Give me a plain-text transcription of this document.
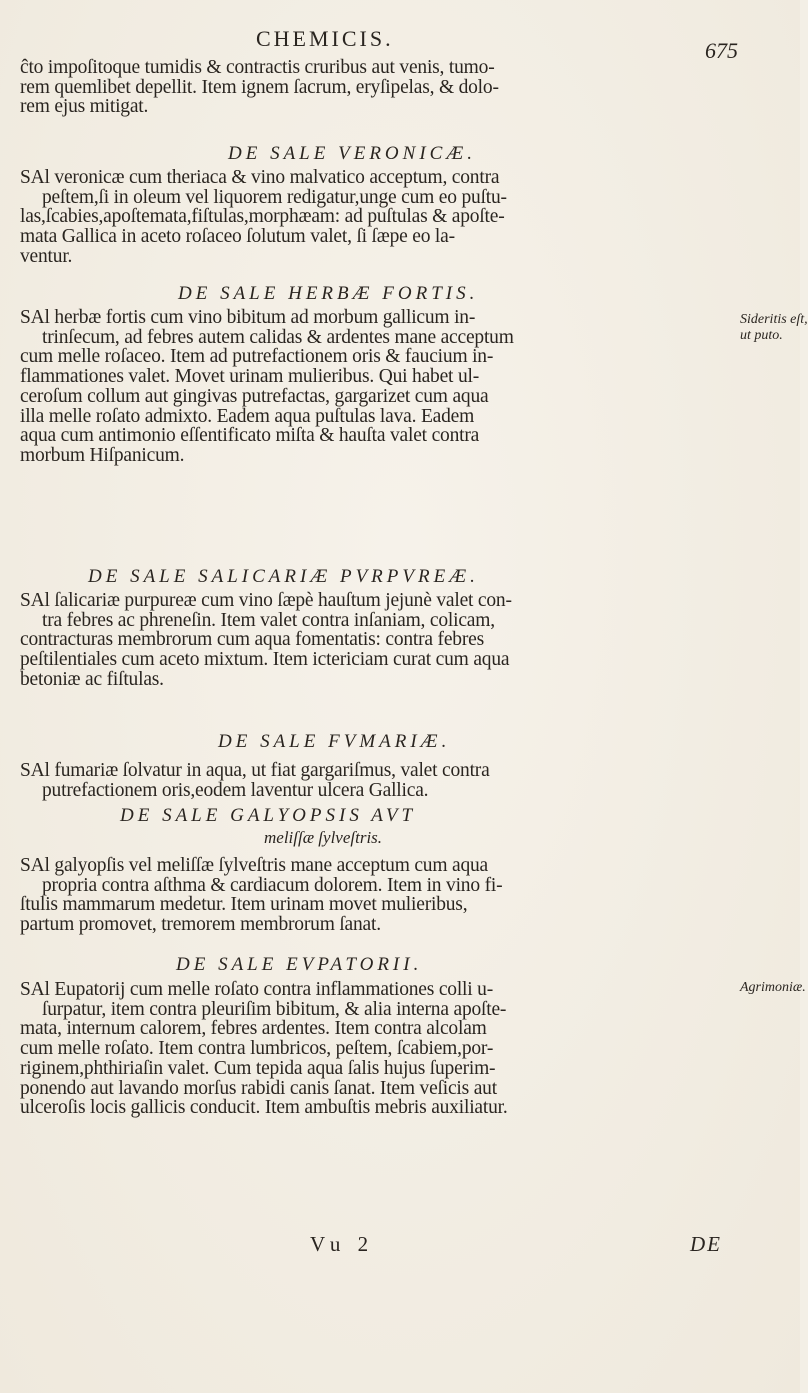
CHEMICIS.	675
ĉto impoſitoque tumidis & contractis cruribus aut venis, tumo-
rem quemlibet depellit. Item ignem ſacrum, eryſipelas, & dolo-
rem ejus mitigat.
DE SALE VERONICÆ.
SAl veronicæ cum theriaca & vino malvatico acceptum, contra
peſtem,ſi in oleum vel liquorem redigatur,unge cum eo puſtu-
las,ſcabies,apoſtemata,fiſtulas,morphæam: ad puſtulas & apoſte-
mata Gallica in aceto roſaceo ſolutum valet, ſi ſæpe eo la-
ventur.
DE SALE HERBÆ FORTIS.
SAl herbæ fortis cum vino bibitum ad morbum gallicum in-
trinſecum, ad febres autem calidas & ardentes mane acceptum
cum melle roſaceo. Item ad putrefactionem oris & faucium in-
flammationes valet. Movet urinam mulieribus. Qui habet ul-
ceroſum collum aut gingivas putrefactas, gargarizet cum aqua
illa melle roſato admixto. Eadem aqua puſtulas lava. Eadem
aqua cum antimonio eſſentificato miſta & hauſta valet contra
morbum Hiſpanicum.
Sideritis eſt,
ut puto.
DE SALE SALICARIÆ PVRPVREÆ.
SAl ſalicariæ purpureæ cum vino ſæpè hauſtum jejunè valet con-
tra febres ac phreneſin. Item valet contra inſaniam, colicam,
contracturas membrorum cum aqua fomentatis: contra febres
peſtilentiales cum aceto mixtum. Item ictericiam curat cum aqua
betoniæ ac fiſtulas.
DE SALE FVMARIÆ.
SAl fumariæ ſolvatur in aqua, ut fiat gargariſmus, valet contra
putrefactionem oris,eodem laventur ulcera Gallica.
DE SALE GALYOPSIS AVT
meliſſæ ſylveſtris.
SAl galyopſis vel meliſſæ ſylveſtris mane acceptum cum aqua
propria contra aſthma & cardiacum dolorem. Item in vino fi-
ſtulis mammarum medetur. Item urinam movet mulieribus,
partum promovet, tremorem membrorum ſanat.
DE SALE EVPATORII.
SAl Eupatorij cum melle roſato contra inflammationes colli u-
ſurpatur, item contra pleuriſim bibitum, & alia interna apoſte-
mata, internum calorem, febres ardentes. Item contra alcolam
cum melle roſato. Item contra lumbricos, peſtem, ſcabiem,por-
riginem,phthiriaſin valet. Cum tepida aqua ſalis hujus ſuperim-
ponendo aut lavando morſus rabidi canis ſanat. Item veſicis aut
ulceroſis locis gallicis conducit. Item ambuſtis mebris auxiliatur.
Agrimoniæ.
Vu 2	DE
